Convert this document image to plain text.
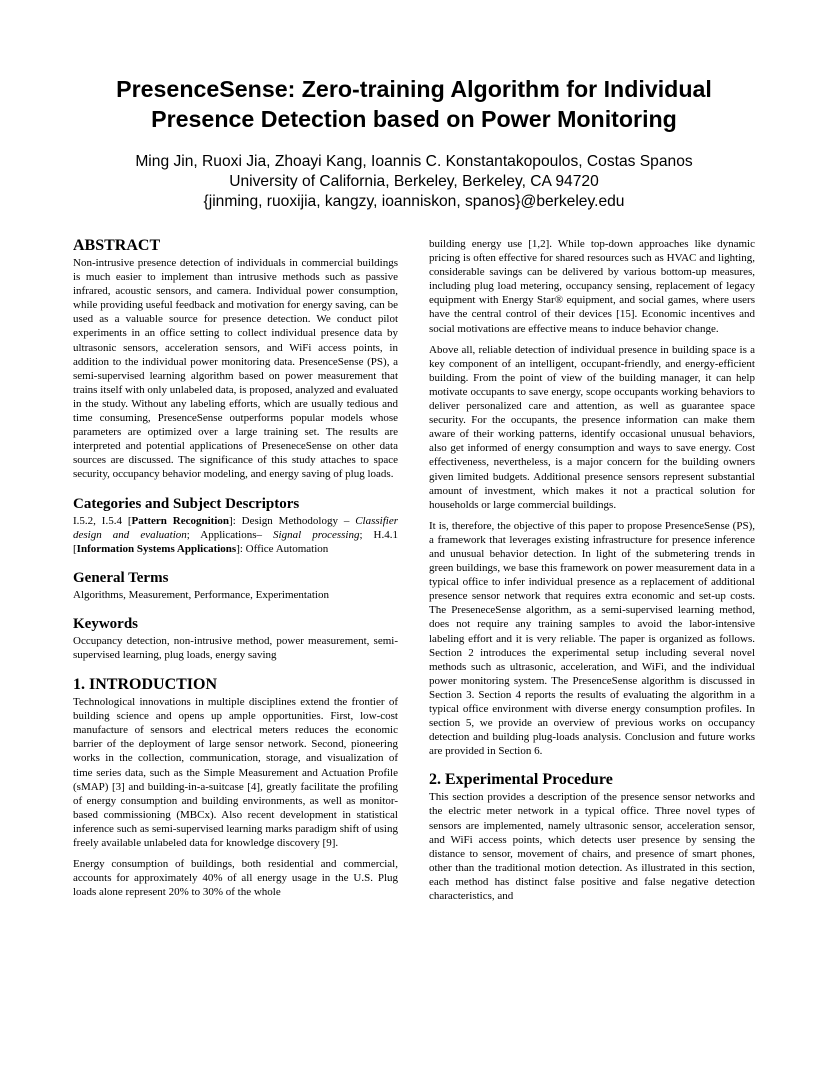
PresenceSense: Zero-training Algorithm for Individual
Presence Detection based on Power Monitoring
Ming Jin, Ruoxi Jia, Zhoayi Kang, Ioannis C. Konstantakopoulos, Costas Spanos
University of California, Berkeley, Berkeley, CA 94720
{jinming, ruoxijia, kangzy, ioanniskon, spanos}@berkeley.edu
ABSTRACT

Non-intrusive presence detection of individuals in commercial buildings is much easier to implement than intrusive methods such as passive infrared, acoustic sensors, and camera. Individual power consumption, while providing useful feedback and motivation for energy saving, can be used as a valuable source for presence detection. We conduct pilot experiments in an office setting to collect individual presence data by ultrasonic sensors, acceleration sensors, and WiFi access points, in addition to the individual power monitoring data. PresenceSense (PS), a semi-supervised learning algorithm based on power measurement that trains itself with only unlabeled data, is proposed, analyzed and evaluated in the study. Without any labeling efforts, which are usually tedious and time consuming, PresenceSense outperforms popular models whose parameters are optimized over a large training set. The results are interpreted and potential applications of PreseneceSense on other data sources are discussed. The significance of this study attaches to space security, occupancy behavior modeling, and energy saving of plug loads.

Categories and Subject Descriptors

I.5.2, I.5.4 [Pattern Recognition]: Design Methodology – Classifier design and evaluation; Applications– Signal processing; H.4.1 [Information Systems Applications]: Office Automation

General Terms

Algorithms, Measurement, Performance, Experimentation

Keywords

Occupancy detection, non-intrusive method, power measurement, semi-supervised learning, plug loads, energy saving

1. INTRODUCTION

Technological innovations in multiple disciplines extend the frontier of building science and opens up ample opportunities. First, low-cost manufacture of sensors and electrical meters reduces the economic barrier of the deployment of large sensor network. Second, pioneering works in the collection, communication, storage, and visualization of time series data, such as the Simple Measurement and Actuation Profile (sMAP) [3] and building-in-a-suitcase [4], greatly facilitate the profiling of energy consumption and building environments, as well as monitor-based commissioning (MBCx). Also recent development in statistical inference such as semi-supervised learning marks paradigm shift of using freely available unlabeled data for knowledge discovery [9].

Energy consumption of buildings, both residential and commercial, accounts for approximately 40% of all energy usage in the U.S. Plug loads alone represent 20% to 30% of the whole

building energy use [1,2]. While top-down approaches like dynamic pricing is often effective for shared resources such as HVAC and lighting, considerable savings can be delivered by various bottom-up measures, including plug load metering, occupancy sensing, replacement of legacy equipment with Energy Star® equipment, and social games, where users have the central control of their devices [15]. Economic incentives and social motivations are effective means to induce behavior change.

Above all, reliable detection of individual presence in building space is a key component of an intelligent, occupant-friendly, and energy-efficient building. From the point of view of the building manager, it can help motivate occupants to save energy, scope occupants working behaviors to deliver personalized care and attention, as well as guarantee space security. For the occupants, the presence information can make them aware of their working patterns, identify occasional unusual behaviors, also get informed of energy consumption and ways to save energy. Cost effectiveness, nevertheless, is a major concern for the building owners given limited budgets. Additional presence sensors represent substantial amount of investment, which makes it not a practical solution for households or large commercial buildings.

It is, therefore, the objective of this paper to propose PresenceSense (PS), a framework that leverages existing infrastructure for presence inference and unusual behavior detection. In light of the submetering trends in green buildings, we base this framework on power measurement data in a typical office to infer individual presence as a replacement of additional presence sensor network that requires extra economic and set-up costs. The PreseneceSense algorithm, as a semi-supervised learning method, does not require any training samples to avoid the labor-intensive labeling effort and it is very reliable. The paper is organized as follows. Section 2 introduces the experimental setup including several novel methods such as ultrasonic, acceleration, and WiFi, and the individual power monitoring system. The PresenceSense algorithm is discussed in Section 3. Section 4 reports the results of evaluating the algorithm in a typical office environment with diverse energy consumption profiles. In section 5, we provide an overview of previous works on occupancy detection and building plug-loads analysis. Conclusion and future works are provided in Section 6.

2. Experimental Procedure

This section provides a description of the presence sensor networks and the electric meter network in a typical office. Three novel types of sensors are implemented, namely ultrasonic sensor, acceleration sensor, and WiFi access points, which detects user presence by sensing the distance to sensor, movement of chairs, and presence of smart phones, other than the traditional motion detection. As illustrated in this section, each method has distinct false positive and false negative detection characteristics, and
